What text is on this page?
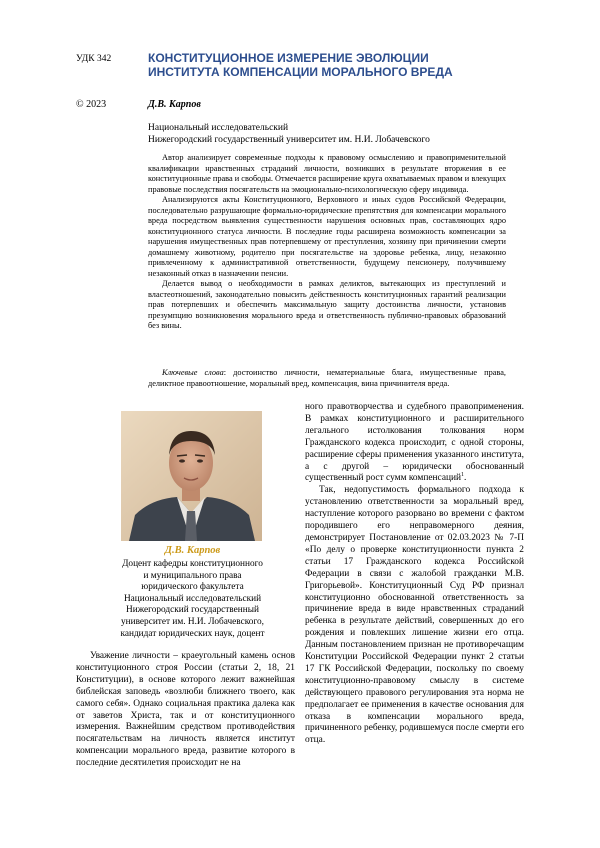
УДК 342	КОНСТИТУЦИОННОЕ ИЗМЕРЕНИЕ ЭВОЛЮЦИИ
ИНСТИТУТА КОМПЕНСАЦИИ МОРАЛЬНОГО ВРЕДА
© 2023	Д.В. Карпов
Национальный исследовательский
Нижегородский государственный университет им. Н.И. Лобачевского

Автор анализирует современные подходы к правовому осмыслению и правоприменительной квалификации нравственных страданий личности, возникших в результате вторжения в ее конституционные права и свободы. Отмечается расширение круга охватываемых правом и влекущих правовые последствия посягательств на эмоционально-психологическую сферу индивида.

Анализируются акты Конституционного, Верховного и иных судов Российской Федерации, последовательно разрушающие формально-юридические препятствия для компенсации морального вреда посредством выявления существенности нарушения основных прав, составляющих ядро конституционного статуса личности. В последние годы расширена возможность компенсации за нарушения имущественных прав потерпевшему от преступления, хозяину при причинении смерти домашнему животному, родителю при посягательстве на здоровье ребенка, лицу, незаконно привлеченному к административной ответственности, будущему пенсионеру, получившему незаконный отказ в назначении пенсии.

Делается вывод о необходимости в рамках деликтов, вытекающих из преступлений и властеотношений, законодательно повысить действенность конституционных гарантий реализации прав потерпевших и обеспечить максимальную защиту достоинства личности, установив презумпцию возникновения морального вреда и ответственность публично-правовых образований без вины.

Ключевые слова: достоинство личности, нематериальные блага, имущественные права, деликтное правоотношение, моральный вред, компенсация, вина причинителя вреда.
Д.В. Карпов
Доцент кафедры конституционного
и муниципального права
юридического факультета
Национальный исследовательский
Нижегородский государственный
университет им. Н.И. Лобачевского,
кандидат юридических наук, доцент

Уважение личности – краеугольный камень основ конституционного строя России (статьи 2, 18, 21 Конституции), в основе которого лежит важнейшая библейская заповедь «возлюби ближнего твоего, как самого себя». Однако социальная практика далека как от заветов Христа, так и от конституционного измерения. Важнейшим средством противодействия посягательствам на личность является институт компенсации морального вреда, развитие которого в последние десятилетия происходит не на

ного правотворчества и судебного правоприменения. В рамках конституционного и расширительного легального истолкования толкования норм Гражданского кодекса происходит, с одной стороны, расширение сферы применения указанного института, а с другой – юридически обоснованный существенный рост сумм компенсаций$^1$.

Так, недопустимость формального подхода к установлению ответственности за моральный вред, наступление которого разорвано во времени с фактом породившего его неправомерного деяния, демонстрирует Постановление от 02.03.2023 № 7-П «По делу о проверке конституционности пункта 2 статьи 17 Гражданского кодекса Российской Федерации в связи с жалобой гражданки М.В. Григорьевой». Конституционный Суд РФ признал конституционно обоснованной ответственность за причинение вреда в виде нравственных страданий ребенка в результате действий, совершенных до его рождения и повлекших лишение жизни его отца. Данным постановлением признан не противоречащим Конституции Российской Федерации пункт 2 статьи 17 ГК Российской Федерации, поскольку по своему конституционно-правовому смыслу в системе действующего правового регулирования эта норма не предполагает ее применения в качестве основания для отказа в компенсации морального вреда, причиненного ребенку, родившемуся после смерти его отца.
